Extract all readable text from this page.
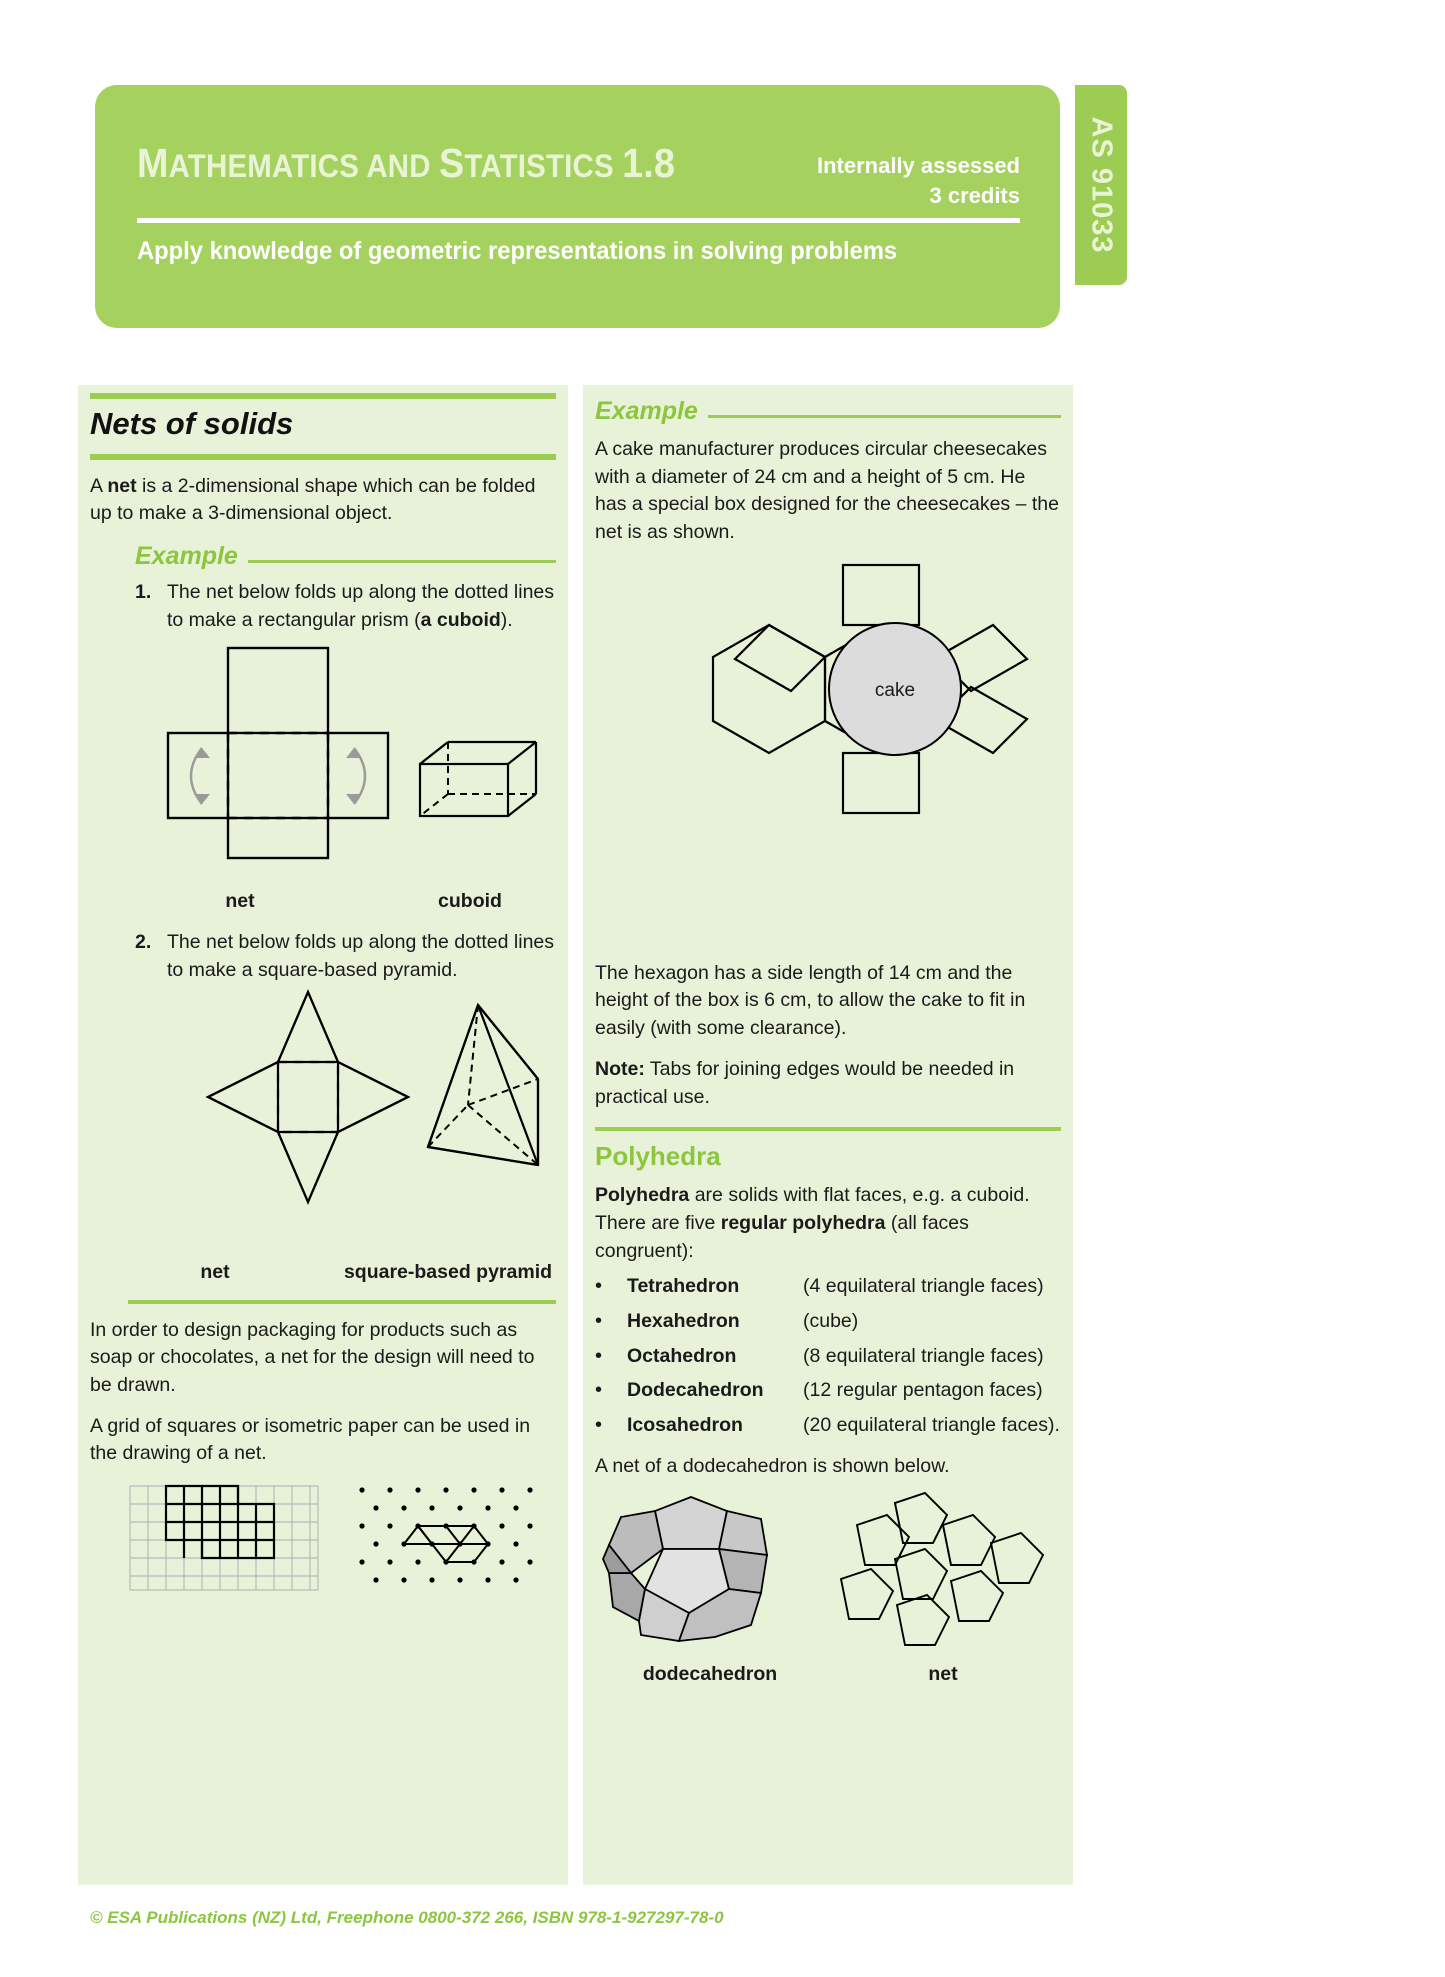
MATHEMATICS AND STATISTICS 1.8	Internally assessed
3 credits
Apply knowledge of geometric representations in solving problems	AS 91033
Nets of solids

A net is a 2-dimensional shape which can be folded up to make a 3-dimensional object.

Example
1. The net below folds up along the dotted lines to make a rectangular prism (a cuboid).
net	cuboid
2. The net below folds up along the dotted lines to make a square-based pyramid.
net	square-based pyramid

In order to design packaging for products such as soap or chocolates, a net for the design will need to be drawn.

A grid of squares or isometric paper can be used in the drawing of a net.

Example

A cake manufacturer produces circular cheesecakes with a diameter of 24 cm and a height of 5 cm. He has a special box designed for the cheesecakes – the net is as shown.

cake

The hexagon has a side length of 14 cm and the height of the box is 6 cm, to allow the cake to fit in easily (with some clearance).

Note: Tabs for joining edges would be needed in practical use.

Polyhedra

Polyhedra are solids with flat faces, e.g. a cuboid. There are five regular polyhedra (all faces congruent):

•	Tetrahedron	(4 equilateral triangle faces)
•	Hexahedron	(cube)
•	Octahedron	(8 equilateral triangle faces)
•	Dodecahedron	(12 regular pentagon faces)
•	Icosahedron	(20 equilateral triangle faces).

A net of a dodecahedron is shown below.

dodecahedron	net
© ESA Publications (NZ) Ltd, Freephone 0800-372 266, ISBN 978-1-927297-78-0
